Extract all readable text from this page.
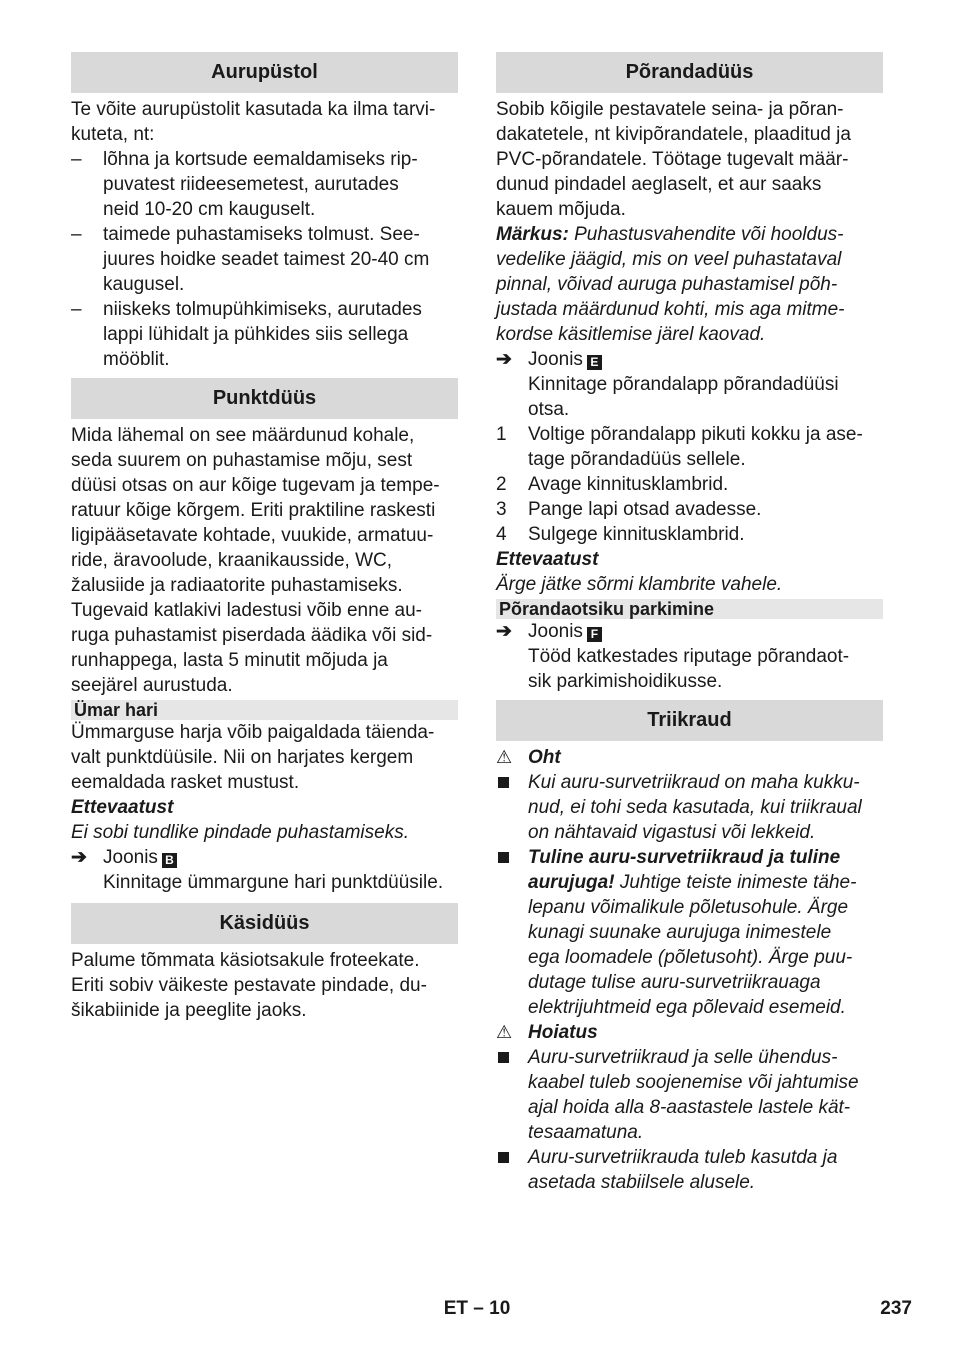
Aurupüstol
Te võite aurupüstolit kasutada ka ilma tarvi-
kuteta, nt:
–	lõhna ja kortsude eemaldamiseks rip-
puvatest riideesemetest, aurutades
neid 10-20 cm kauguselt.
–	taimede puhastamiseks tolmust. See-
juures hoidke seadet taimest 20-40 cm
kaugusel.
–	niiskeks tolmupühkimiseks, aurutades
lappi lühidalt ja pühkides siis sellega
mööblit.
Punktdüüs
Mida lähemal on see määrdunud kohale,
seda suurem on puhastamise mõju, sest
düüsi otsas on aur kõige tugevam ja tempe-
ratuur kõige kõrgem. Eriti praktiline raskesti
ligipääsetavate kohtade, vuukide, armatuu-
ride, äravoolude, kraanikausside, WC,
žalusiide ja radiaatorite puhastamiseks.
Tugevaid katlakivi ladestusi võib enne au-
ruga puhastamist piserdada äädika või sid-
runhappega, lasta 5 minutit mõjuda ja
seejärel aurustuda.
Ümar hari
Ümmarguse harja võib paigaldada täienda-
valt punktdüüsile. Nii on harjates kergem
eemaldada rasket mustust.
Ettevaatust
Ei sobi tundlike pindade puhastamiseks.
➔ Joonis B
Kinnitage ümmargune hari punktdüüsile.
Käsidüüs
Palume tõmmata käsiotsakule froteekate.
Eriti sobiv väikeste pestavate pindade, du-
šikabiinide ja peeglite jaoks.
Põrandadüüs
Sobib kõigile pestavatele seina- ja põran-
dakatetele, nt kivipõrandatele, plaaditud ja
PVC-põrandatele. Töötage tugevalt määr-
dunud pindadel aeglaselt, et aur saaks
kauem mõjuda.
Märkus: Puhastusvahendite või hooldus-
vedelike jäägid, mis on veel puhastataval
pinnal, võivad auruga puhastamisel põh-
justada määrdunud kohti, mis aga mitme-
kordse käsitlemise järel kaovad.
➔ Joonis E
Kinnitage põrandalapp põrandadüüsi
otsa.
1	Voltige põrandalapp pikuti kokku ja ase-
tage põrandadüüs sellele.
2	Avage kinnitusklambrid.
3	Pange lapi otsad avadesse.
4	Sulgege kinnitusklambrid.
Ettevaatust
Ärge jätke sõrmi klambrite vahele.
Põrandaotsiku parkimine
➔ Joonis F
Tööd katkestades riputage põrandaot-
sik parkimishoidikusse.
Triikraud
⚠ Oht
Kui auru-survetriikraud on maha kukku-
nud, ei tohi seda kasutada, kui triikraual
on nähtavaid vigastusi või lekkeid.
Tuline auru-survetriikraud ja tuline
aurujuga! Juhtige teiste inimeste tähe-
lepanu võimalikule põletusohule. Ärge
kunagi suunake aurujuga inimestele
ega loomadele (põletusoht). Ärge puu-
dutage tulise auru-survetriikrauaga
elektrijuhtmeid ega põlevaid esemeid.
⚠ Hoiatus
Auru-survetriikraud ja selle ühendus-
kaabel tuleb soojenemise või jahtumise
ajal hoida alla 8-aastastele lastele kät-
tesaamatuna.
Auru-survetriikrauda tuleb kasutda ja
asetada stabiilsele alusele.
ET – 10	237
